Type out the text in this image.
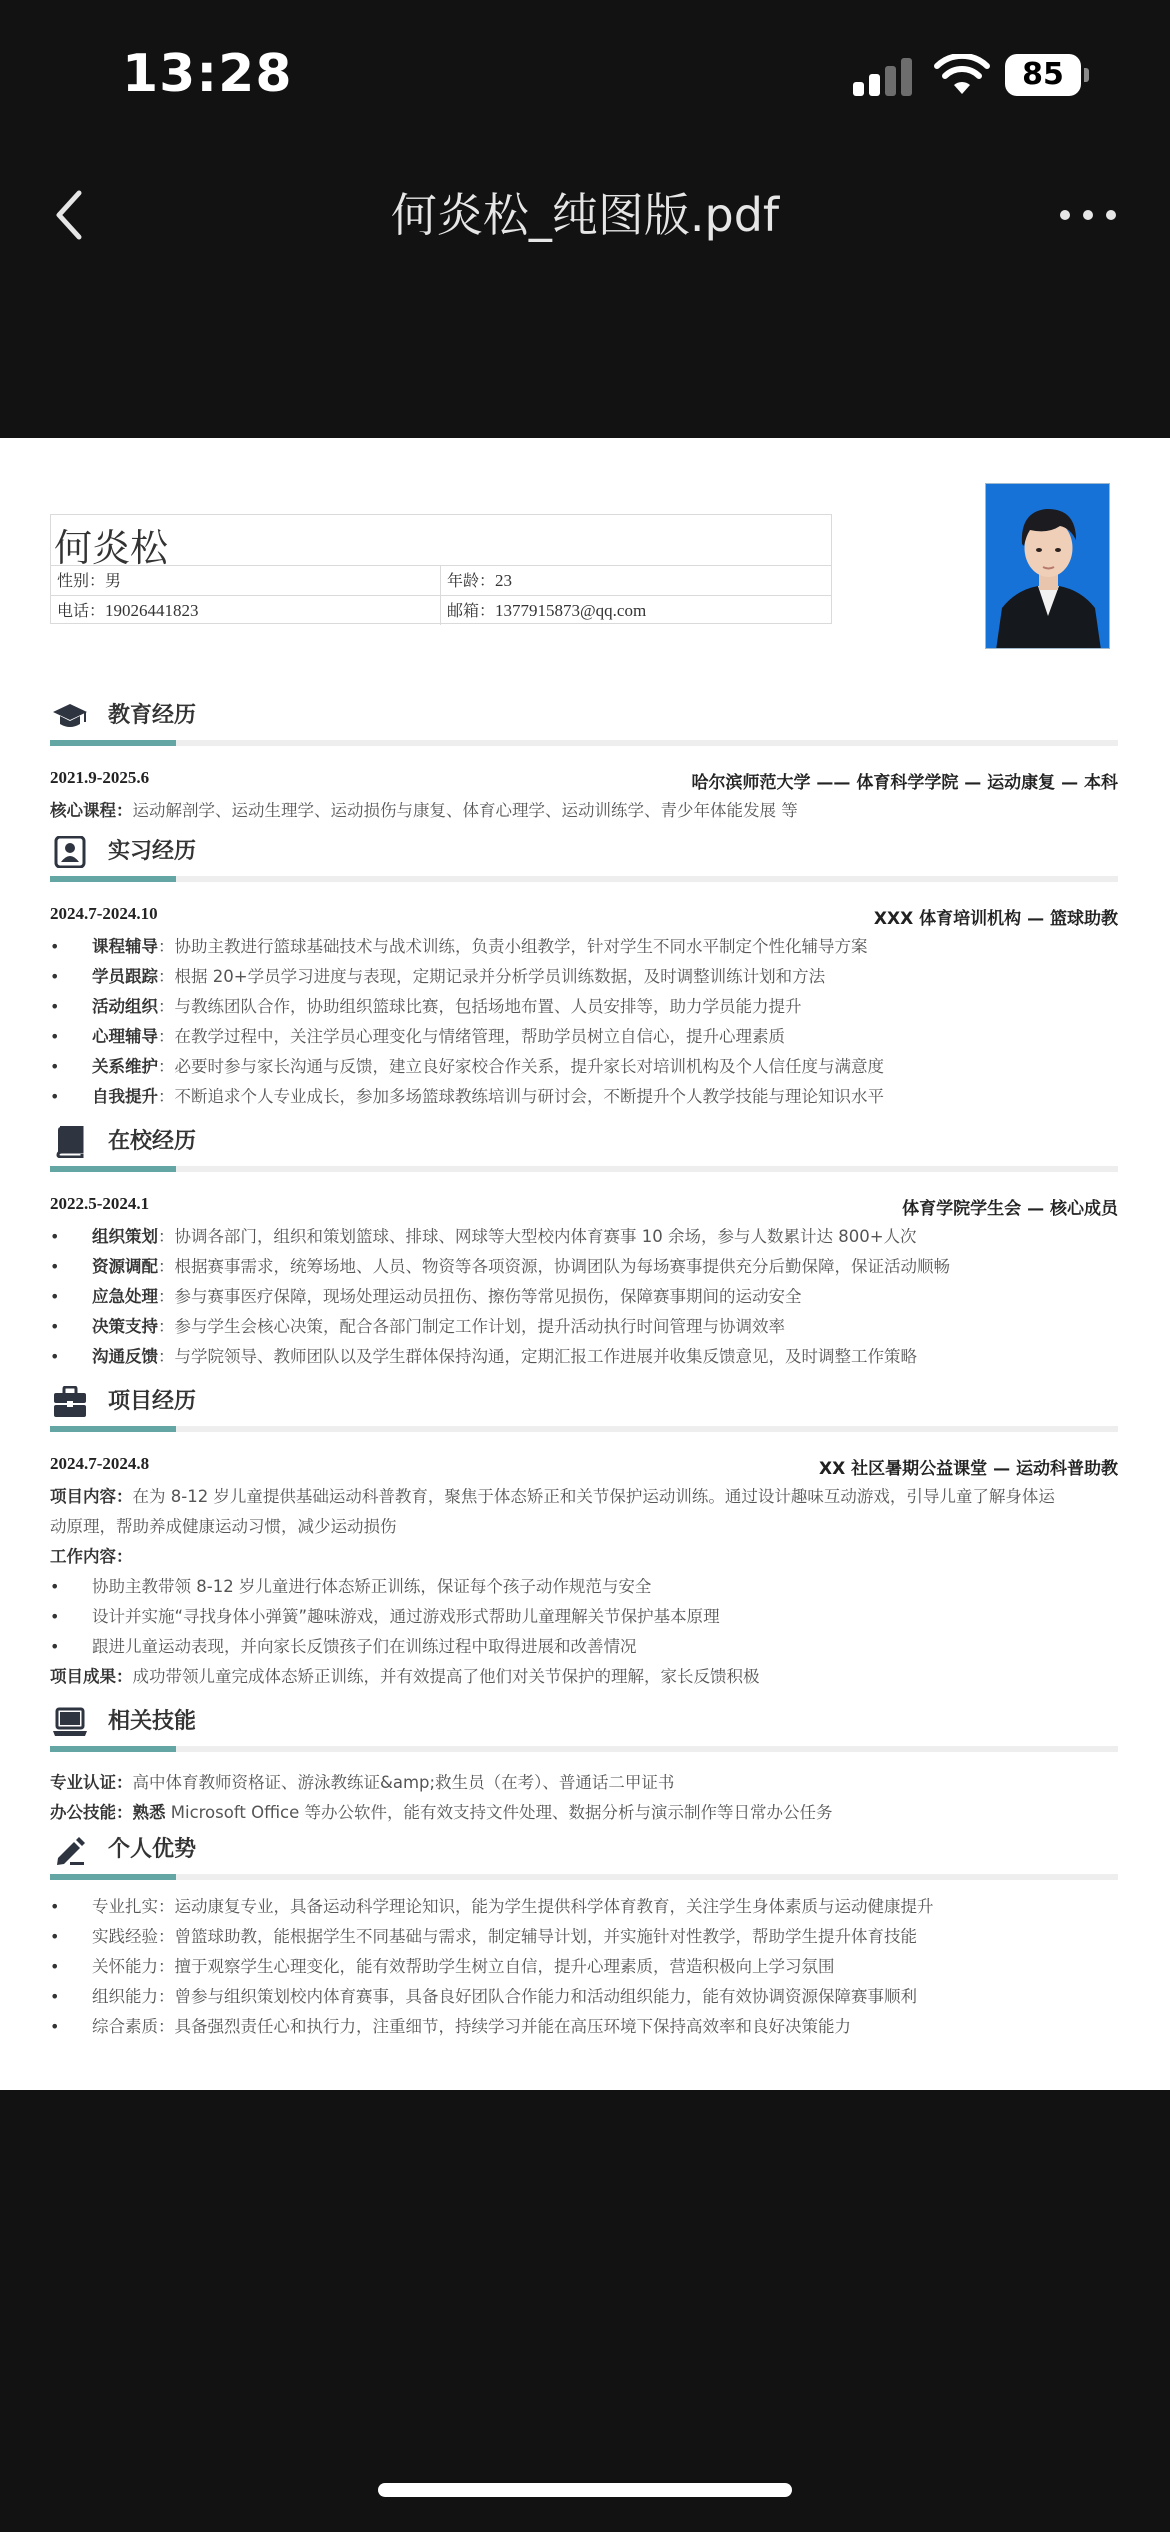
13:28	85
何炎松_纯图版.pdf
何炎松
性别：男	年龄：23
电话：19026441823	邮箱：1377915873@qq.com
教育经历
2021.9-2025.6	哈尔滨师范大学 —— 体育科学学院 — 运动康复 — 本科
核心课程：运动解剖学、运动生理学、运动损伤与康复、体育心理学、运动训练学、青少年体能发展 等
实习经历
2024.7-2024.10	XXX 体育培训机构 — 篮球助教
• 课程辅导：协助主教进行篮球基础技术与战术训练，负责小组教学，针对学生不同水平制定个性化辅导方案
• 学员跟踪：根据 20+学员学习进度与表现，定期记录并分析学员训练数据，及时调整训练计划和方法
• 活动组织：与教练团队合作，协助组织篮球比赛，包括场地布置、人员安排等，助力学员能力提升
• 心理辅导：在教学过程中，关注学员心理变化与情绪管理，帮助学员树立自信心，提升心理素质
• 关系维护：必要时参与家长沟通与反馈，建立良好家校合作关系，提升家长对培训机构及个人信任度与满意度
• 自我提升：不断追求个人专业成长，参加多场篮球教练培训与研讨会，不断提升个人教学技能与理论知识水平
在校经历
2022.5-2024.1	体育学院学生会 — 核心成员
• 组织策划：协调各部门，组织和策划篮球、排球、网球等大型校内体育赛事 10 余场，参与人数累计达 800+人次
• 资源调配：根据赛事需求，统筹场地、人员、物资等各项资源，协调团队为每场赛事提供充分后勤保障，保证活动顺畅
• 应急处理：参与赛事医疗保障，现场处理运动员扭伤、擦伤等常见损伤，保障赛事期间的运动安全
• 决策支持：参与学生会核心决策，配合各部门制定工作计划，提升活动执行时间管理与协调效率
• 沟通反馈：与学院领导、教师团队以及学生群体保持沟通，定期汇报工作进展并收集反馈意见，及时调整工作策略
项目经历
2024.7-2024.8	XX 社区暑期公益课堂 — 运动科普助教
项目内容：在为 8-12 岁儿童提供基础运动科普教育，聚焦于体态矫正和关节保护运动训练。通过设计趣味互动游戏，引导儿童了解身体运
动原理，帮助养成健康运动习惯，减少运动损伤
工作内容：
• 协助主教带领 8-12 岁儿童进行体态矫正训练，保证每个孩子动作规范与安全
• 设计并实施“寻找身体小弹簧”趣味游戏，通过游戏形式帮助儿童理解关节保护基本原理
• 跟进儿童运动表现，并向家长反馈孩子们在训练过程中取得进展和改善情况
项目成果：成功带领儿童完成体态矫正训练，并有效提高了他们对关节保护的理解，家长反馈积极
相关技能
专业认证：高中体育教师资格证、游泳教练证&amp;救生员（在考）、普通话二甲证书
办公技能：熟悉 Microsoft Office 等办公软件，能有效支持文件处理、数据分析与演示制作等日常办公任务
个人优势
• 专业扎实：运动康复专业，具备运动科学理论知识，能为学生提供科学体育教育，关注学生身体素质与运动健康提升
• 实践经验：曾篮球助教，能根据学生不同基础与需求，制定辅导计划，并实施针对性教学，帮助学生提升体育技能
• 关怀能力：擅于观察学生心理变化，能有效帮助学生树立自信，提升心理素质，营造积极向上学习氛围
• 组织能力：曾参与组织策划校内体育赛事，具备良好团队合作能力和活动组织能力，能有效协调资源保障赛事顺利
• 综合素质：具备强烈责任心和执行力，注重细节，持续学习并能在高压环境下保持高效率和良好决策能力
